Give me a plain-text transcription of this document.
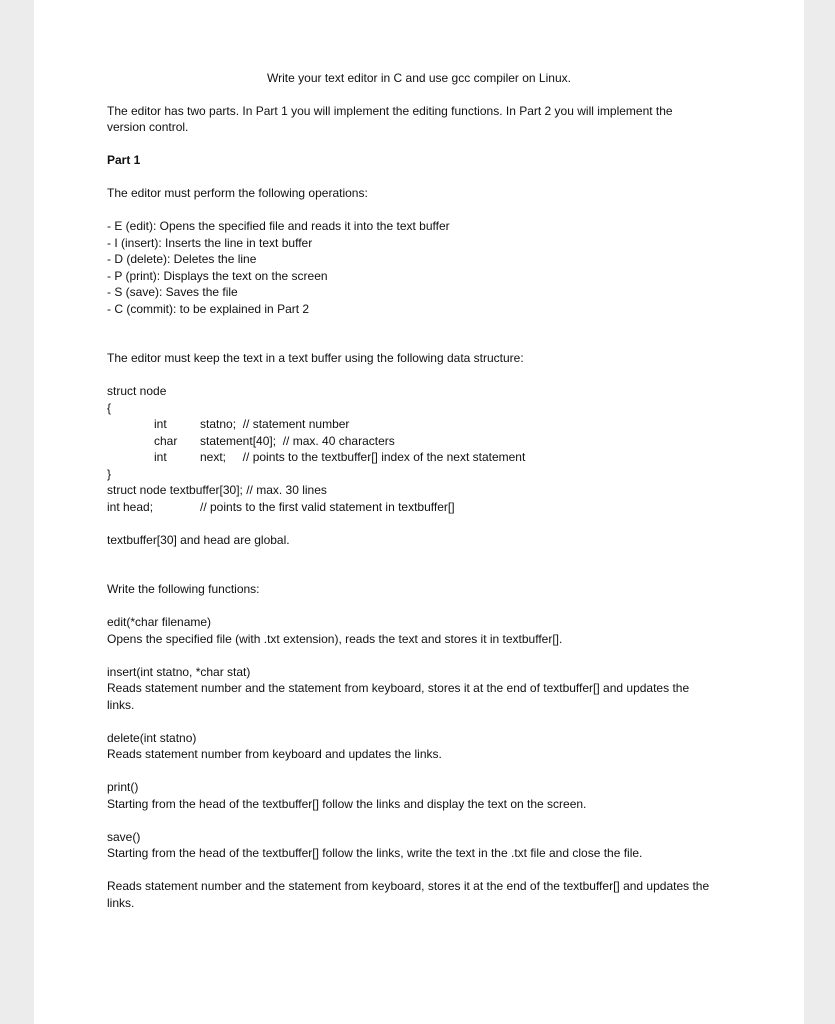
Write your text editor in C and use gcc compiler on Linux.

The editor has two parts. In Part 1 you will implement the editing functions. In Part 2 you will implement the version control.

Part 1

The editor must perform the following operations:

- E (edit): Opens the specified file and reads it into the text buffer

- I (insert): Inserts the line in text buffer

- D (delete): Deletes the line

- P (print): Displays the text on the screen

- S (save): Saves the file

- C (commit): to be explained in Part 2

The editor must keep the text in a text buffer using the following data structure:

struct node

{

int	statno;  // statement number
char	statement[40];  // max. 40 characters
int	next;     // points to the textbuffer[] index of the next statement

}

struct node textbuffer[30]; // max. 30 lines

int head;	// points to the first valid statement in textbuffer[]

textbuffer[30] and head are global.

Write the following functions:

edit(*char filename)

Opens the specified file (with .txt extension), reads the text and stores it in textbuffer[].

insert(int statno, *char stat)

Reads statement number and the statement from keyboard, stores it at the end of textbuffer[] and updates the links.

delete(int statno)

Reads statement number from keyboard and updates the links.

print()

Starting from the head of the textbuffer[] follow the links and display the text on the screen.

save()

Starting from the head of the textbuffer[] follow the links, write the text in the .txt file and close the file.

Reads statement number and the statement from keyboard, stores it at the end of the textbuffer[] and updates the links.
